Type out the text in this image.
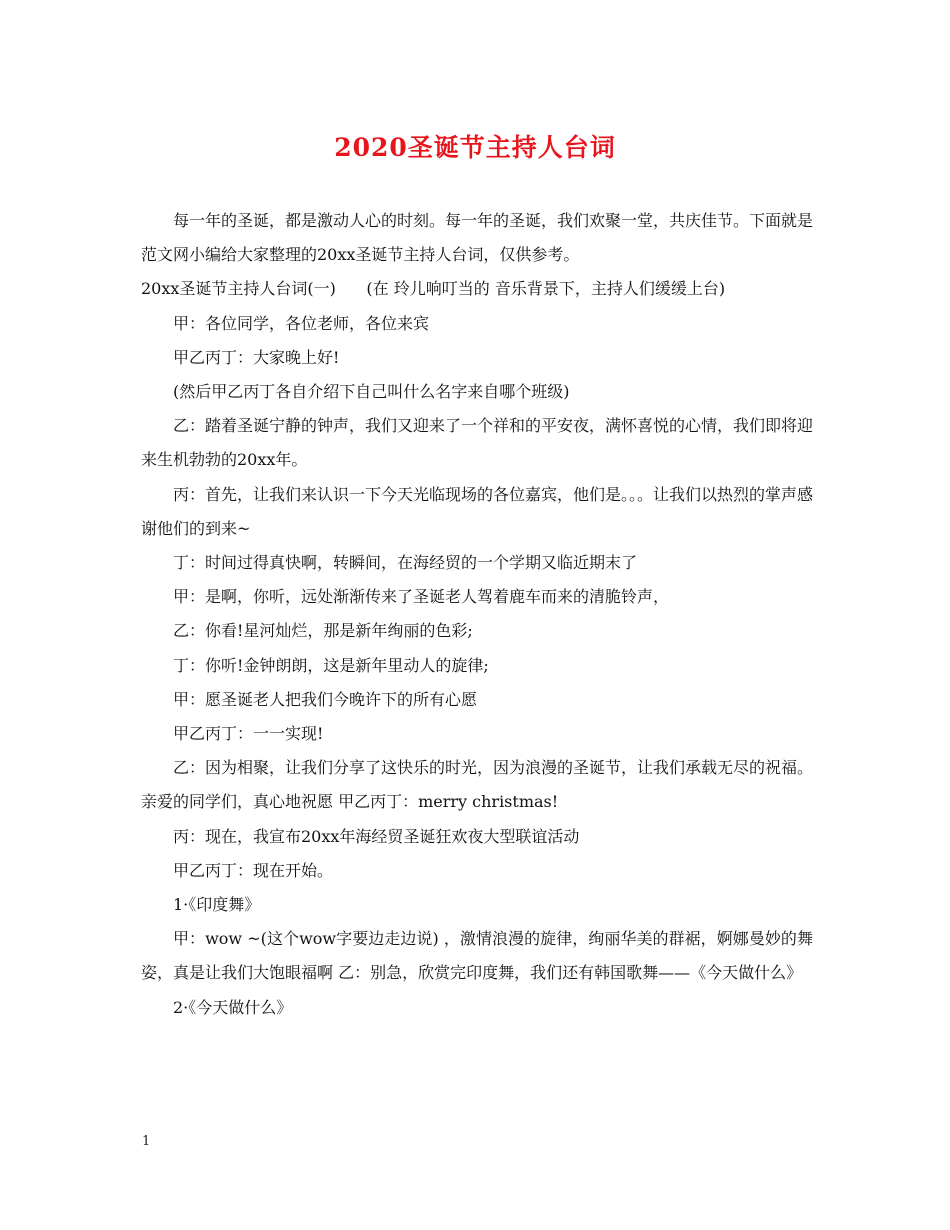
2020圣诞节主持人台词

每一年的圣诞，都是激动人心的时刻。每一年的圣诞，我们欢聚一堂，共庆佳节。下面就是范文网小编给大家整理的20xx圣诞节主持人台词，仅供参考。

20xx圣诞节主持人台词(一)      (在 玲儿响叮当的 音乐背景下，主持人们缓缓上台)

甲：各位同学，各位老师，各位来宾

甲乙丙丁：大家晚上好!

(然后甲乙丙丁各自介绍下自己叫什么名字来自哪个班级)

乙：踏着圣诞宁静的钟声，我们又迎来了一个祥和的平安夜，满怀喜悦的心情，我们即将迎来生机勃勃的20xx年。

丙：首先，让我们来认识一下今天光临现场的各位嘉宾，他们是。。。让我们以热烈的掌声感谢他们的到来~

丁：时间过得真快啊，转瞬间，在海经贸的一个学期又临近期末了

甲：是啊，你听，远处渐渐传来了圣诞老人驾着鹿车而来的清脆铃声，

乙：你看!星河灿烂，那是新年绚丽的色彩;

丁：你听!金钟朗朗，这是新年里动人的旋律;

甲：愿圣诞老人把我们今晚许下的所有心愿

甲乙丙丁：一一实现!

乙：因为相聚，让我们分享了这快乐的时光，因为浪漫的圣诞节，让我们承载无尽的祝福。亲爱的同学们，真心地祝愿 甲乙丙丁：merry christmas!

丙：现在，我宣布20xx年海经贸圣诞狂欢夜大型联谊活动

甲乙丙丁：现在开始。

1·《印度舞》

甲：wow ~(这个wow字要边走边说) ，激情浪漫的旋律，绚丽华美的群裾，婀娜曼妙的舞姿，真是让我们大饱眼福啊 乙：别急，欣赏完印度舞，我们还有韩国歌舞——《今天做什么》

2·《今天做什么》

1
